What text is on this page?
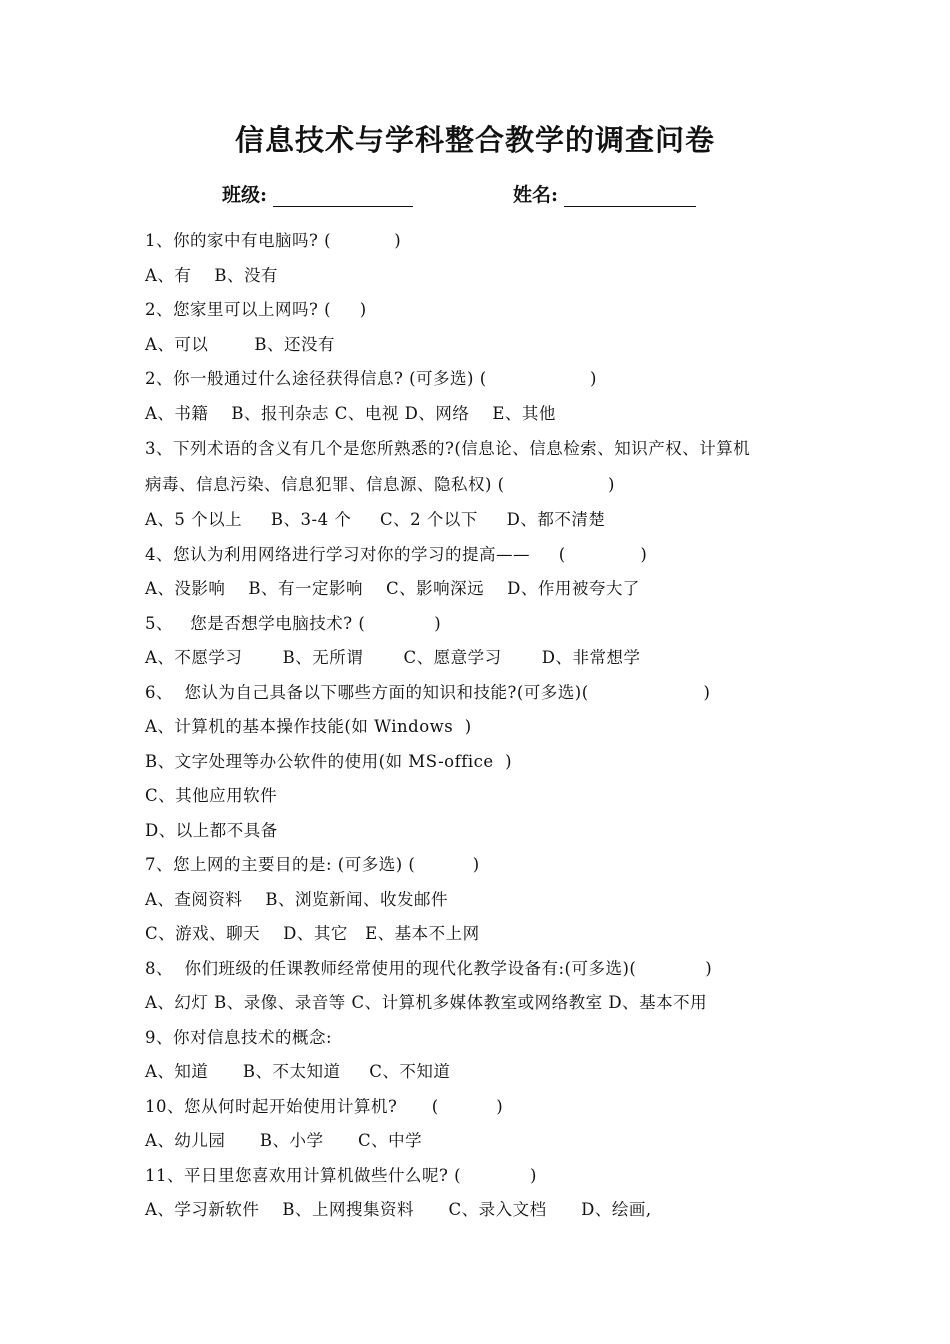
信息技术与学科整合教学的调查问卷
班级:	姓名:
1、你的家中有电脑吗? (           )
A、有    B、没有
2、您家里可以上网吗? (     )
A、可以        B、还没有
2、你一般通过什么途径获得信息? (可多选) (                  )
A、书籍    B、报刊杂志 C、电视 D、网络    E、其他
3、下列术语的含义有几个是您所熟悉的?(信息论、信息检索、知识产权、计算机
病毒、信息污染、信息犯罪、信息源、隐私权) (                  )
A、5 个以上     B、3-4 个     C、2 个以下     D、都不清楚
4、您认为利用网络进行学习对你的学习的提高——     (             )
A、没影响    B、有一定影响    C、影响深远    D、作用被夸大了
5、   您是否想学电脑技术? (            )
A、不愿学习       B、无所谓       C、愿意学习       D、非常想学
6、  您认为自己具备以下哪些方面的知识和技能?(可多选)(                    )
A、计算机的基本操作技能(如 Windows  )
B、文字处理等办公软件的使用(如 MS-office  )
C、其他应用软件
D、以上都不具备
7、您上网的主要目的是: (可多选) (          )
A、查阅资料    B、浏览新闻、收发邮件
C、游戏、聊天    D、其它   E、基本不上网
8、  你们班级的任课教师经常使用的现代化教学设备有:(可多选)(            )
A、幻灯 B、录像、录音等 C、计算机多媒体教室或网络教室 D、基本不用
9、你对信息技术的概念:
A、知道      B、不太知道     C、不知道
10、您从何时起开始使用计算机?      (          )
A、幼儿园      B、小学      C、中学
11、平日里您喜欢用计算机做些什么呢? (            )
A、学习新软件    B、上网搜集资料      C、录入文档      D、绘画,
